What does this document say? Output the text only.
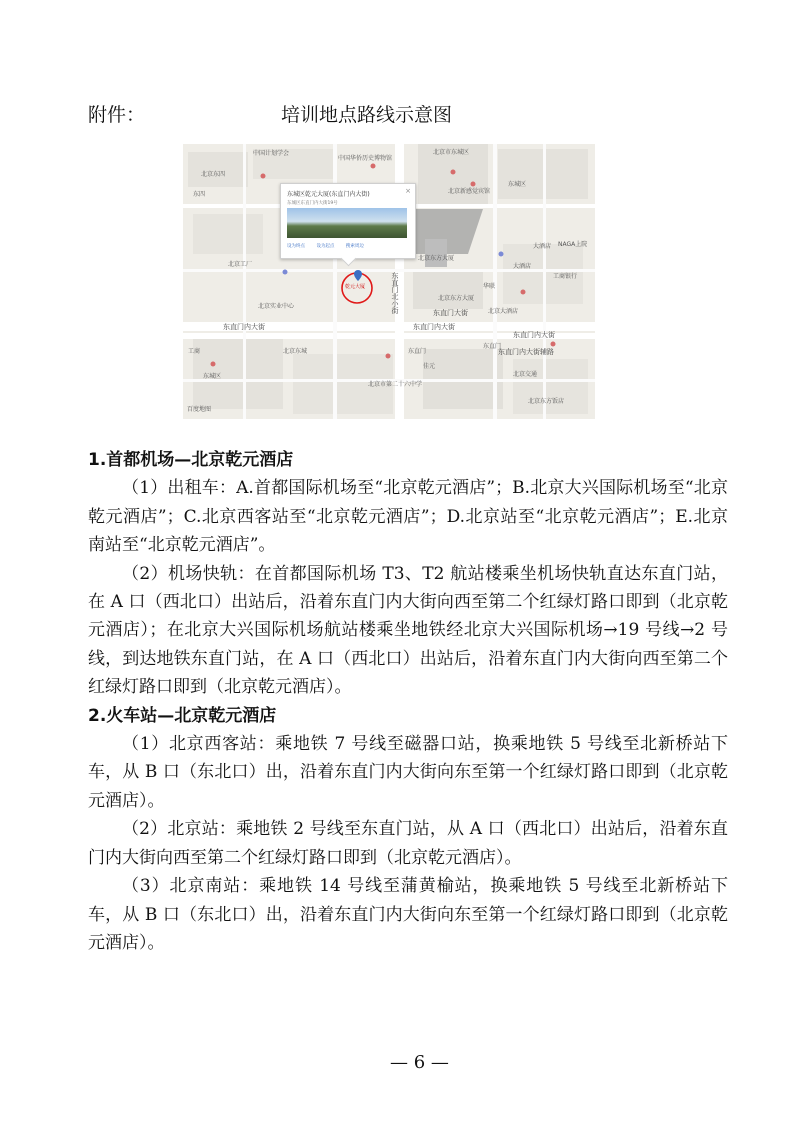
附件：	培训地点路线示意图
中国计划学会
中国华侨历史博物馆
北京东四
北京市东城区
东城区
北京新感觉宾馆
东四
北京东方大厦
华联
北京工厂
北京实业中心
大酒店
北京东方大厦
北京大酒店
大酒店
北京东城
工商
佳元
东城区
北京市第二十六中学
北京交通
东直门
NAGA上院
工商银行
东直门
北京东方饭店
百度地图
东直门内大街	东直门内大街
东直门内大街
东直门北小街	东直门大街
东直门内大街辅路
东城区乾元大厦(东直门内大街)	×
东城区东直门内大街19号
设为终点	设为起点	搜索周边
乾元大厦

1.首都机场—北京乾元酒店

（1）出租车：A.首都国际机场至“北京乾元酒店”；B.北京大兴国际机场至“北京乾元酒店”；C.北京西客站至“北京乾元酒店”；D.北京站至“北京乾元酒店”；E.北京南站至“北京乾元酒店”。

（2）机场快轨：在首都国际机场 T3、T2 航站楼乘坐机场快轨直达东直门站，在 A 口（西北口）出站后，沿着东直门内大街向西至第二个红绿灯路口即到（北京乾元酒店）；在北京大兴国际机场航站楼乘坐地铁经北京大兴国际机场→19 号线→2 号线，到达地铁东直门站，在 A 口（西北口）出站后，沿着东直门内大街向西至第二个红绿灯路口即到（北京乾元酒店）。

2.火车站—北京乾元酒店

（1）北京西客站：乘地铁 7 号线至磁器口站，换乘地铁 5 号线至北新桥站下车，从 B 口（东北口）出，沿着东直门内大街向东至第一个红绿灯路口即到（北京乾元酒店）。

（2）北京站：乘地铁 2 号线至东直门站，从 A 口（西北口）出站后，沿着东直门内大街向西至第二个红绿灯路口即到（北京乾元酒店）。

（3）北京南站：乘地铁 14 号线至蒲黄榆站，换乘地铁 5 号线至北新桥站下车，从 B 口（东北口）出，沿着东直门内大街向东至第一个红绿灯路口即到（北京乾元酒店）。

— 6 —
